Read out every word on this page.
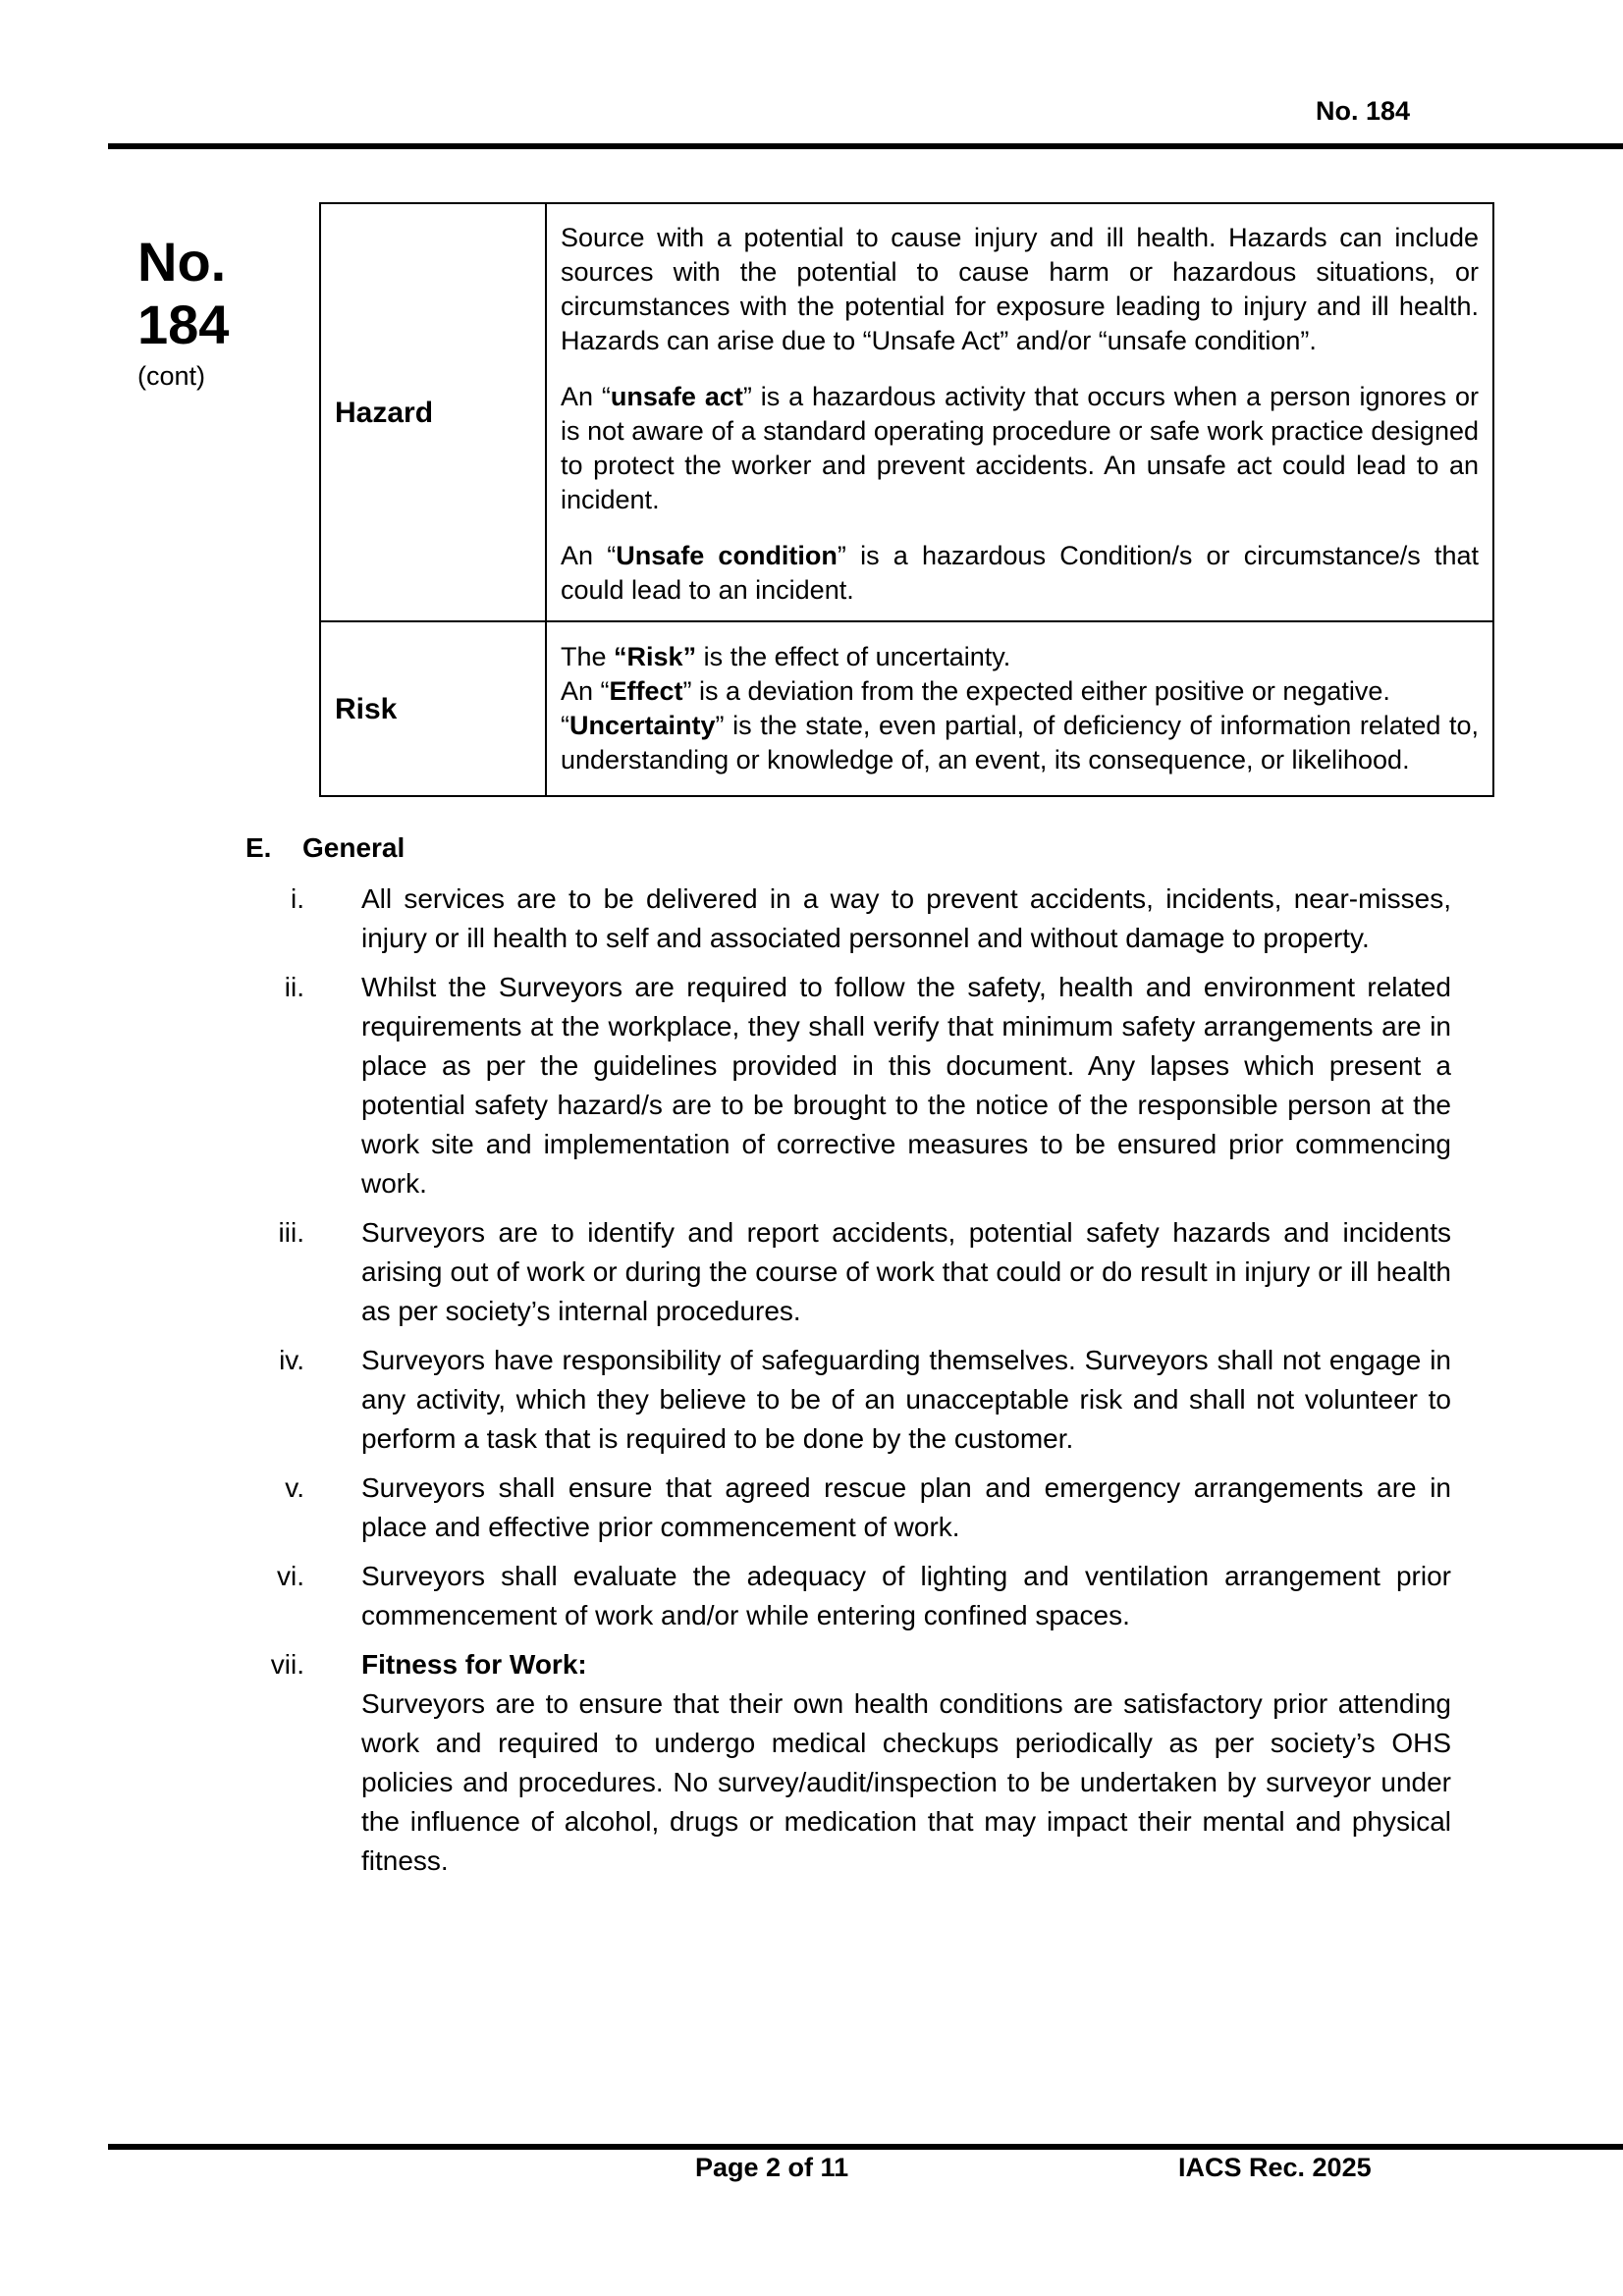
No. 184
No.
184
(cont)
Hazard	Source with a potential to cause injury and ill health. Hazards can include sources with the potential to cause harm or hazardous situations, or circumstances with the potential for exposure leading to injury and ill health. Hazards can arise due to “Unsafe Act” and/or “unsafe condition”.

An “unsafe act” is a hazardous activity that occurs when a person ignores or is not aware of a standard operating procedure or safe work practice designed to protect the worker and prevent accidents. An unsafe act could lead to an incident.

An “Unsafe condition” is a hazardous Condition/s or circumstance/s that could lead to an incident.

Risk	The “Risk” is the effect of uncertainty.
An “Effect” is a deviation from the expected either positive or negative.
“Uncertainty” is the state, even partial, of deficiency of information related to, understanding or knowledge of, an event, its consequence, or likelihood.
E. General
i. All services are to be delivered in a way to prevent accidents, incidents, near-misses, injury or ill health to self and associated personnel and without damage to property.
ii. Whilst the Surveyors are required to follow the safety, health and environment related requirements at the workplace, they shall verify that minimum safety arrangements are in place as per the guidelines provided in this document. Any lapses which present a potential safety hazard/s are to be brought to the notice of the responsible person at the work site and implementation of corrective measures to be ensured prior commencing work.
iii. Surveyors are to identify and report accidents, potential safety hazards and incidents arising out of work or during the course of work that could or do result in injury or ill health as per society’s internal procedures.
iv. Surveyors have responsibility of safeguarding themselves. Surveyors shall not engage in any activity, which they believe to be of an unacceptable risk and shall not volunteer to perform a task that is required to be done by the customer.
v. Surveyors shall ensure that agreed rescue plan and emergency arrangements are in place and effective prior commencement of work.
vi. Surveyors shall evaluate the adequacy of lighting and ventilation arrangement prior commencement of work and/or while entering confined spaces.
vii. Fitness for Work:
Surveyors are to ensure that their own health conditions are satisfactory prior attending work and required to undergo medical checkups periodically as per society’s OHS policies and procedures. No survey/audit/inspection to be undertaken by surveyor under the influence of alcohol, drugs or medication that may impact their mental and physical fitness.
Page 2 of 11	IACS Rec. 2025
